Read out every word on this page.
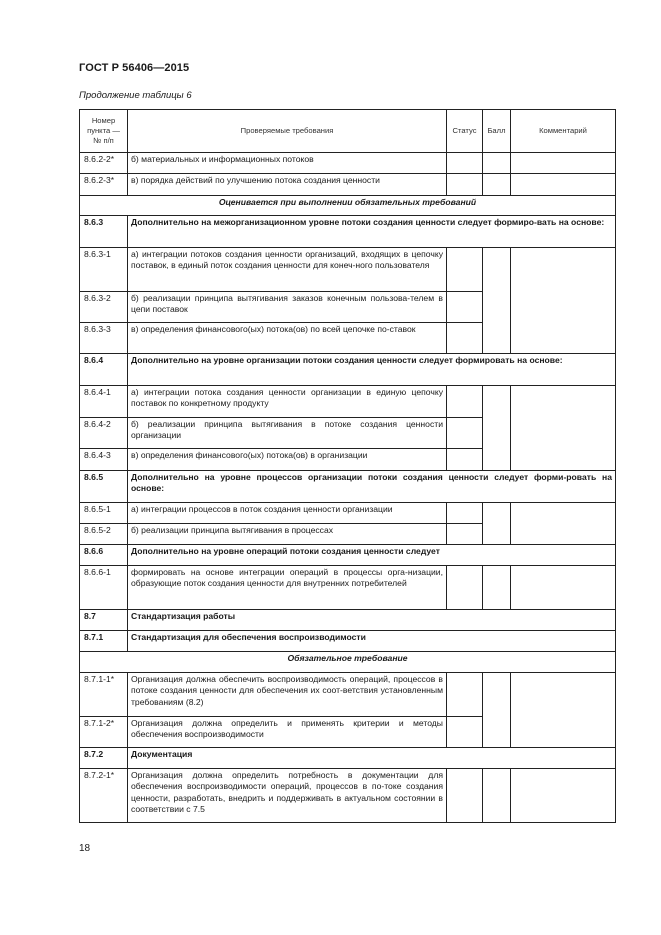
ГОСТ Р 56406—2015
Продолжение таблицы 6
Номер пункта — № п/п	Проверяемые требования	Статус	Балл	Комментарий
8.6.2-2*	б) материальных и информационных потоков			
8.6.2-3*	в) порядка действий по улучшению потока создания ценности			
Оценивается при выполнении обязательных требований				
8.6.3	Дополнительно на межорганизационном уровне потоки создания ценности следует формиро-вать на основе:			
8.6.3-1	а) интеграции потоков создания ценности организаций, входящих в цепочку поставок, в единый поток создания ценности для конеч-ного пользователя			
8.6.3-2	б) реализации принципа вытягивания заказов конечным пользова-телем в цепи поставок			
8.6.3-3	в) определения финансового(ых) потока(ов) по всей цепочке по-ставок			
8.6.4	Дополнительно на уровне организации потоки создания ценности следует формировать на основе:			
8.6.4-1	а) интеграции потока создания ценности организации в единую цепочку поставок по конкретному продукту			
8.6.4-2	б) реализации принципа вытягивания в потоке создания ценности организации			
8.6.4-3	в) определения финансового(ых) потока(ов) в организации			
8.6.5	Дополнительно на уровне процессов организации потоки создания ценности следует форми-ровать на основе:			
8.6.5-1	а) интеграции процессов в поток создания ценности организации			
8.6.5-2	б) реализации принципа вытягивания в процессах			
8.6.6	Дополнительно на уровне операций потоки создания ценности следует			
8.6.6-1	формировать на основе интеграции операций в процессы орга-низации, образующие поток создания ценности для внутренних потребителей			
8.7	Стандартизация работы			
8.7.1	Стандартизация для обеспечения воспроизводимости			
Обязательное требование				
8.7.1-1*	Организация должна обеспечить воспроизводимость операций, процессов в потоке создания ценности для обеспечения их соот-ветствия установленным требованиям (8.2)			
8.7.1-2*	Организация должна определить и применять критерии и методы обеспечения воспроизводимости			
8.7.2	Документация			
8.7.2-1*	Организация должна определить потребность в документации для обеспечения воспроизводимости операций, процессов в по-токе создания ценности, разработать, внедрить и поддерживать в актуальном состоянии в соответствии с 7.5			
18
